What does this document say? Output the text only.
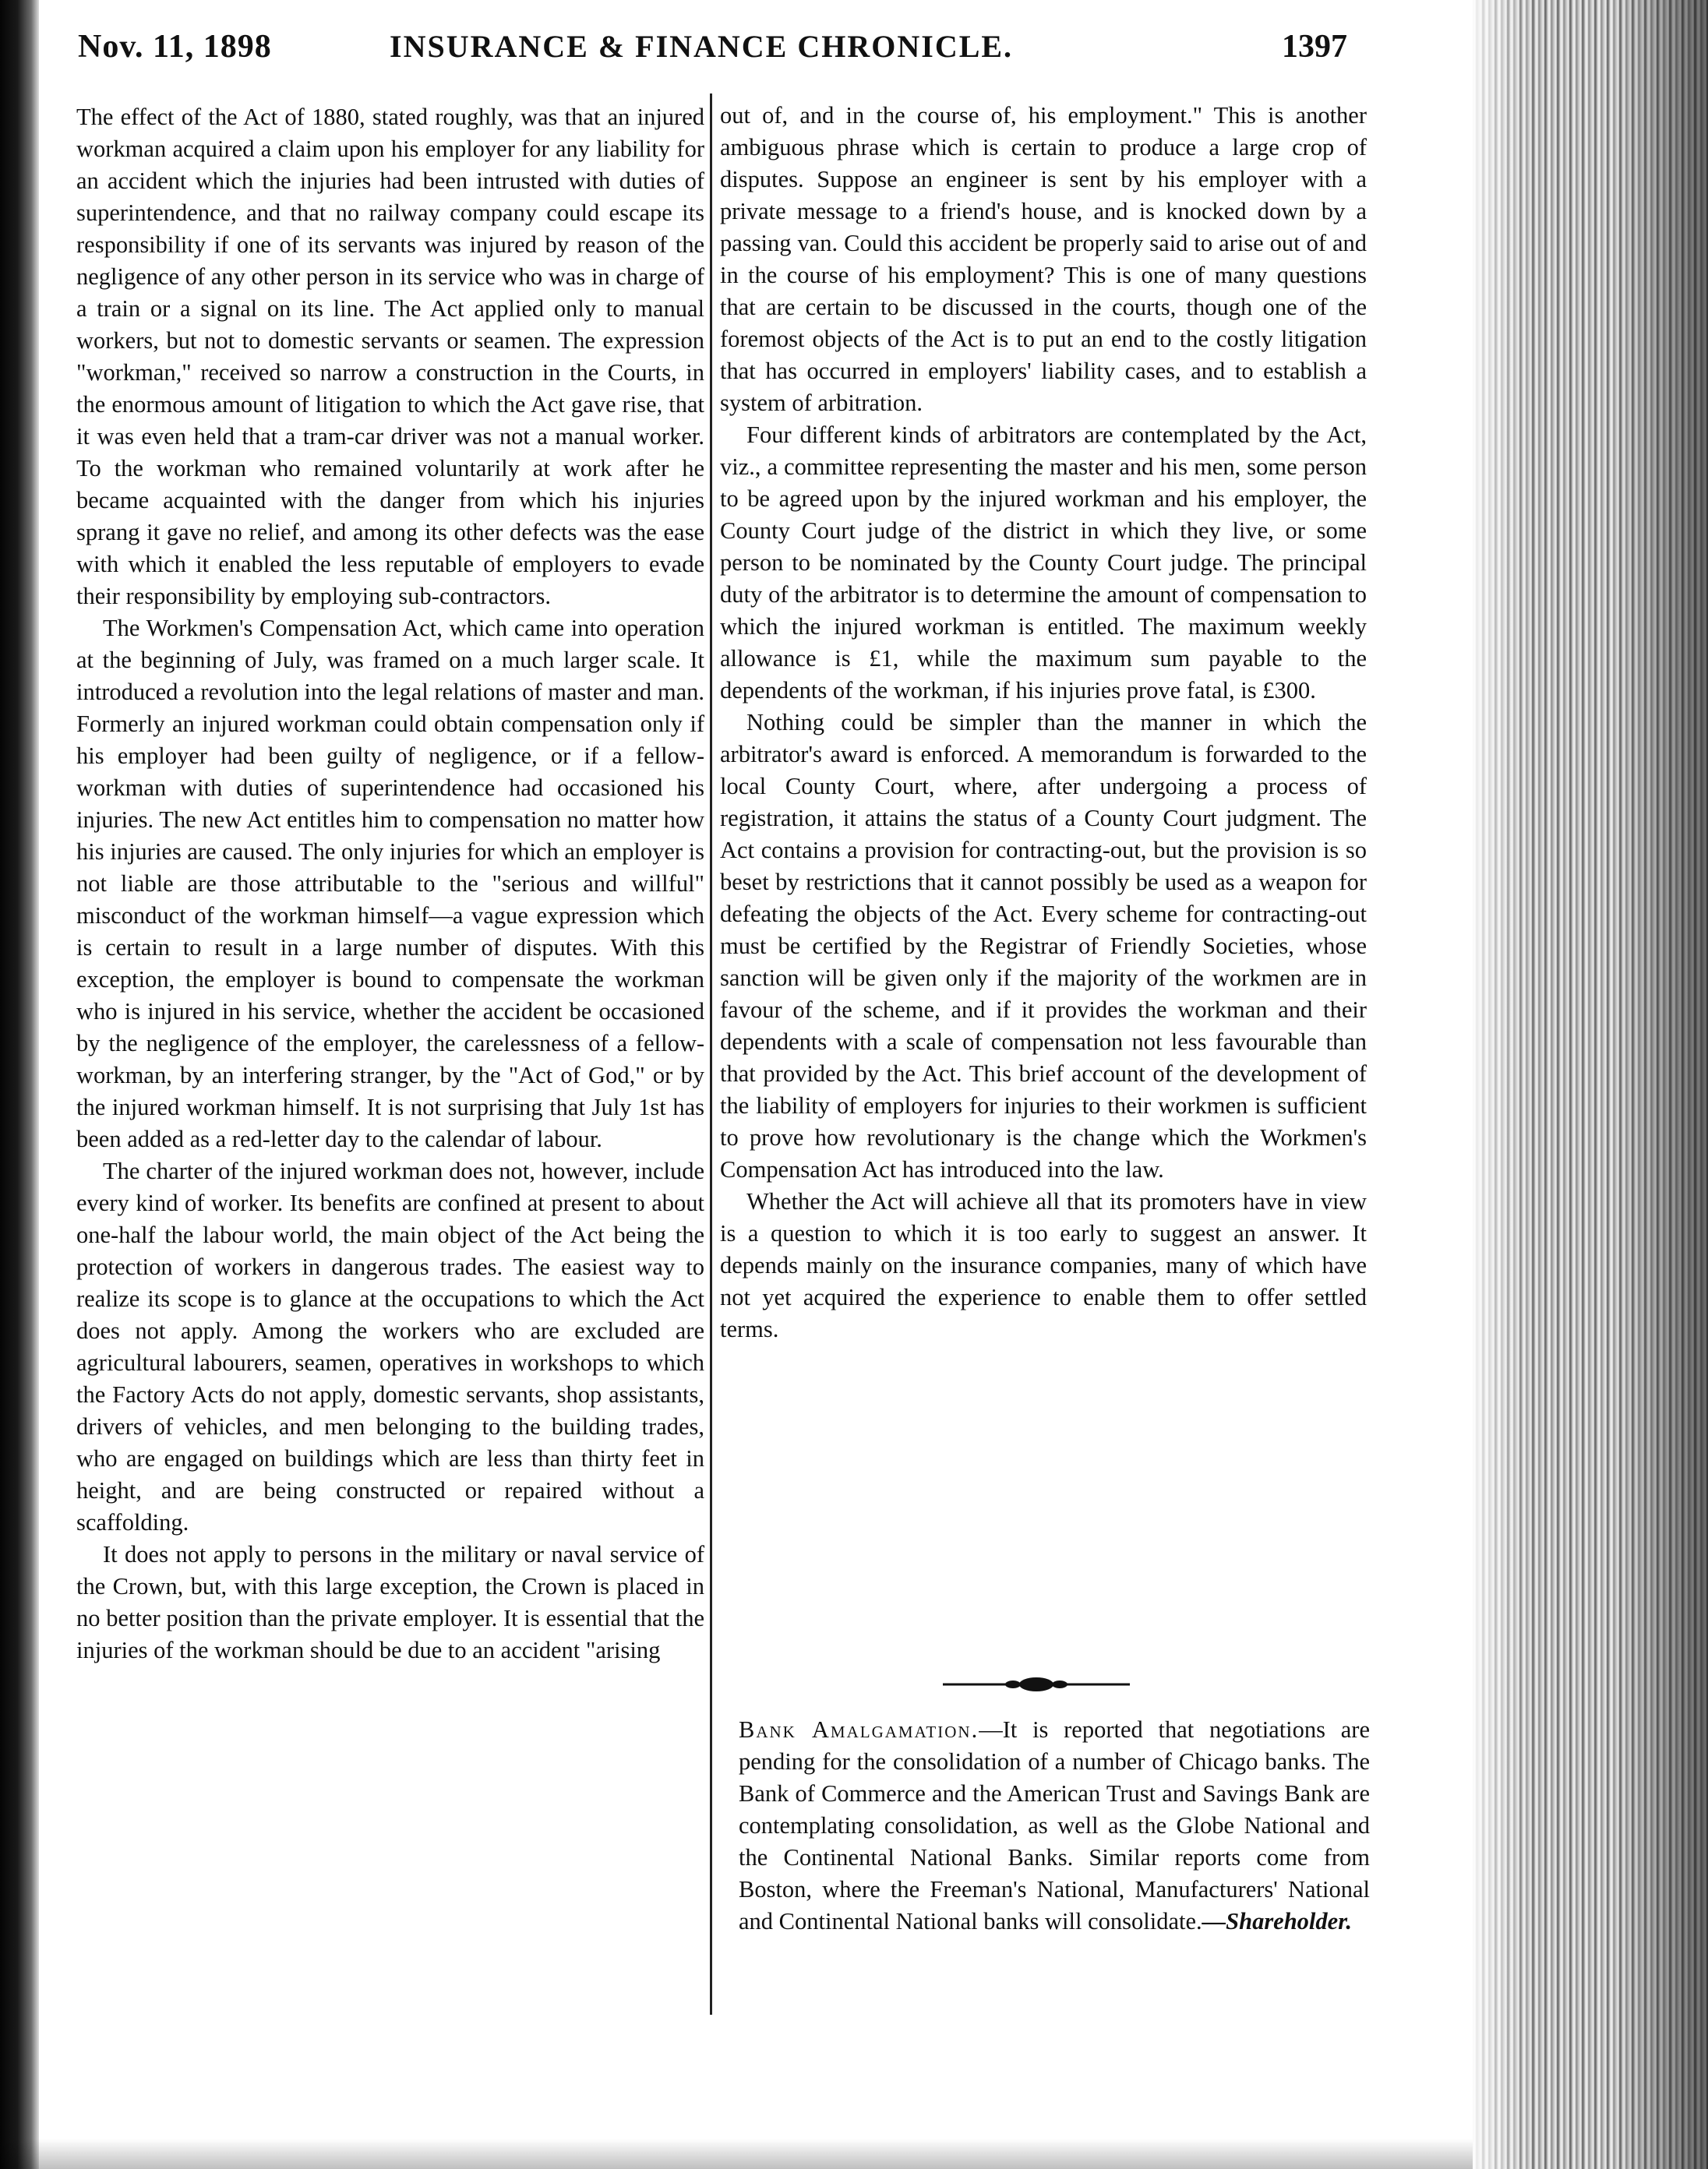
Nov. 11, 1898	INSURANCE & FINANCE CHRONICLE.	1397

The effect of the Act of 1880, stated roughly, was that an injured workman acquired a claim upon his employer for any liability for an accident which the injuries had been intrusted with duties of superintendence, and that no railway company could escape its responsibility if one of its servants was injured by reason of the negligence of any other person in its service who was in charge of a train or a signal on its line. The Act applied only to manual workers, but not to domestic servants or seamen. The expression "workman," received so narrow a construction in the Courts, in the enormous amount of litigation to which the Act gave rise, that it was even held that a tram-car driver was not a manual worker. To the workman who remained voluntarily at work after he became acquainted with the danger from which his injuries sprang it gave no relief, and among its other defects was the ease with which it enabled the less reputable of employers to evade their responsibility by employing sub-contractors.

The Workmen's Compensation Act, which came into operation at the beginning of July, was framed on a much larger scale. It introduced a revolution into the legal relations of master and man. Formerly an injured workman could obtain compensation only if his employer had been guilty of negligence, or if a fellow-workman with duties of superintendence had occasioned his injuries. The new Act entitles him to compensation no matter how his injuries are caused. The only injuries for which an employer is not liable are those attributable to the "serious and willful" misconduct of the workman himself—a vague expression which is certain to result in a large number of disputes. With this exception, the employer is bound to compensate the workman who is injured in his service, whether the accident be occasioned by the negligence of the employer, the carelessness of a fellow-workman, by an interfering stranger, by the "Act of God," or by the injured workman himself. It is not surprising that July 1st has been added as a red-letter day to the calendar of labour.

The charter of the injured workman does not, however, include every kind of worker. Its benefits are confined at present to about one-half the labour world, the main object of the Act being the protection of workers in dangerous trades. The easiest way to realize its scope is to glance at the occupations to which the Act does not apply. Among the workers who are excluded are agricultural labourers, seamen, operatives in workshops to which the Factory Acts do not apply, domestic servants, shop assistants, drivers of vehicles, and men belonging to the building trades, who are engaged on buildings which are less than thirty feet in height, and are being constructed or repaired without a scaffolding.

It does not apply to persons in the military or naval service of the Crown, but, with this large exception, the Crown is placed in no better position than the private employer. It is essential that the injuries of the workman should be due to an accident "arising

out of, and in the course of, his employment." This is another ambiguous phrase which is certain to produce a large crop of disputes. Suppose an engineer is sent by his employer with a private message to a friend's house, and is knocked down by a passing van. Could this accident be properly said to arise out of and in the course of his employment? This is one of many questions that are certain to be discussed in the courts, though one of the foremost objects of the Act is to put an end to the costly litigation that has occurred in employers' liability cases, and to establish a system of arbitration.

Four different kinds of arbitrators are contemplated by the Act, viz., a committee representing the master and his men, some person to be agreed upon by the injured workman and his employer, the County Court judge of the district in which they live, or some person to be nominated by the County Court judge. The principal duty of the arbitrator is to determine the amount of compensation to which the injured workman is entitled. The maximum weekly allowance is £1, while the maximum sum payable to the dependents of the workman, if his injuries prove fatal, is £300.

Nothing could be simpler than the manner in which the arbitrator's award is enforced. A memorandum is forwarded to the local County Court, where, after undergoing a process of registration, it attains the status of a County Court judgment. The Act contains a provision for contracting-out, but the provision is so beset by restrictions that it cannot possibly be used as a weapon for defeating the objects of the Act. Every scheme for contracting-out must be certified by the Registrar of Friendly Societies, whose sanction will be given only if the majority of the workmen are in favour of the scheme, and if it provides the workman and their dependents with a scale of compensation not less favourable than that provided by the Act. This brief account of the development of the liability of employers for injuries to their workmen is sufficient to prove how revolutionary is the change which the Workmen's Compensation Act has introduced into the law.

Whether the Act will achieve all that its promoters have in view is a question to which it is too early to suggest an answer. It depends mainly on the insurance companies, many of which have not yet acquired the experience to enable them to offer settled terms.

Bank Amalgamation.—It is reported that negotiations are pending for the consolidation of a number of Chicago banks. The Bank of Commerce and the American Trust and Savings Bank are contemplating consolidation, as well as the Globe National and the Continental National Banks. Similar reports come from Boston, where the Freeman's National, Manufacturers' National and Continental National banks will consolidate.—Shareholder.
